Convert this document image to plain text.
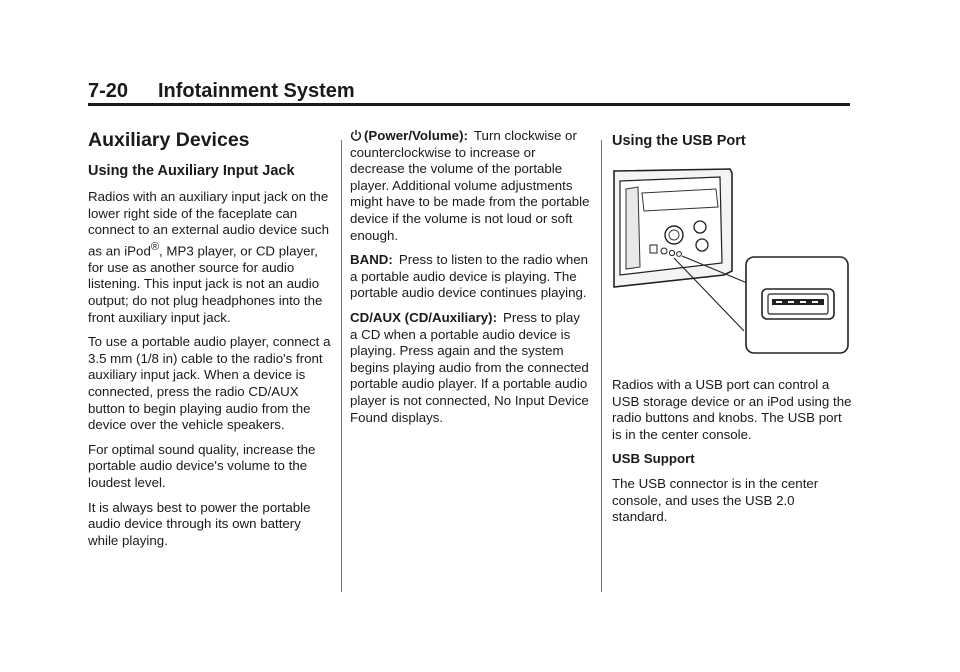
7-20 Infotainment System
Auxiliary Devices
Using the Auxiliary Input Jack

Radios with an auxiliary input jack on the lower right side of the faceplate can connect to an external audio device such as an iPod®, MP3 player, or CD player, for use as another source for audio listening. This input jack is not an audio output; do not plug headphones into the front auxiliary input jack.

To use a portable audio player, connect a 3.5 mm (1/8 in) cable to the radio's front auxiliary input jack. When a device is connected, press the radio CD/AUX button to begin playing audio from the device over the vehicle speakers.

For optimal sound quality, increase the portable audio device's volume to the loudest level.

It is always best to power the portable audio device through its own battery while playing.

(Power/Volume): Turn clockwise or counterclockwise to increase or decrease the volume of the portable player. Additional volume adjustments might have to be made from the portable device if the volume is not loud or soft enough.

BAND: Press to listen to the radio when a portable audio device is playing. The portable audio device continues playing.

CD/AUX (CD/Auxiliary): Press to play a CD when a portable audio device is playing. Press again and the system begins playing audio from the connected portable audio player. If a portable audio player is not connected, No Input Device Found displays.

Using the USB Port

Radios with a USB port can control a USB storage device or an iPod using the radio buttons and knobs. The USB port is in the center console.

USB Support

The USB connector is in the center console, and uses the USB 2.0 standard.
